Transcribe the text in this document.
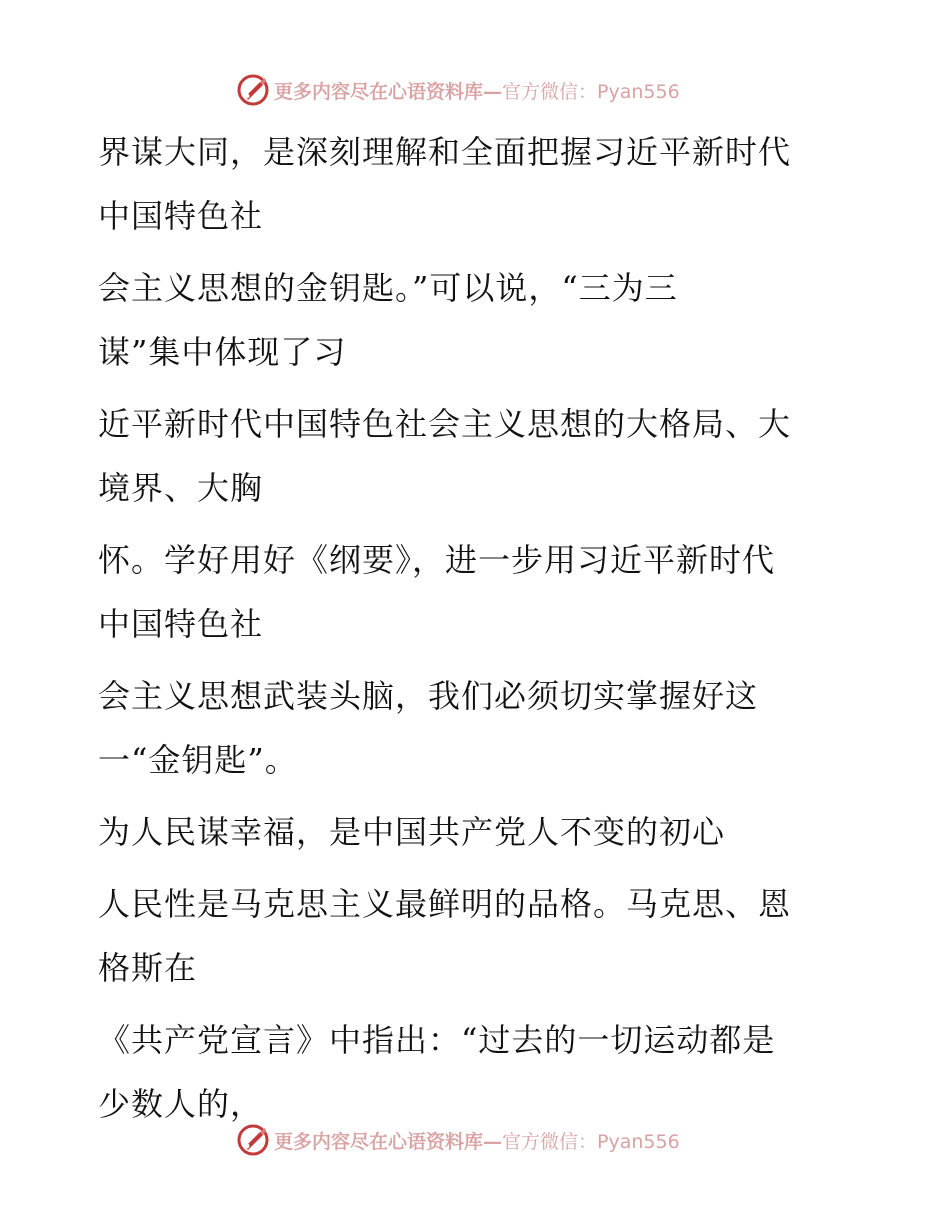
更多内容尽在心语资料库— 官方微信：Pyan556
界谋大同，是深刻理解和全面把握习近平新时代
中国特色社
会主义思想的金钥匙。”可以说，“三为三
谋”集中体现了习
近平新时代中国特色社会主义思想的大格局、大
境界、大胸
怀。学好用好《纲要》，进一步用习近平新时代
中国特色社
会主义思想武装头脑，我们必须切实掌握好这
一“金钥匙”。
为人民谋幸福，是中国共产党人不变的初心
人民性是马克思主义最鲜明的品格。马克思、恩
格斯在
《共产党宣言》中指出：“过去的一切运动都是
少数人的，
更多内容尽在心语资料库— 官方微信：Pyan556
